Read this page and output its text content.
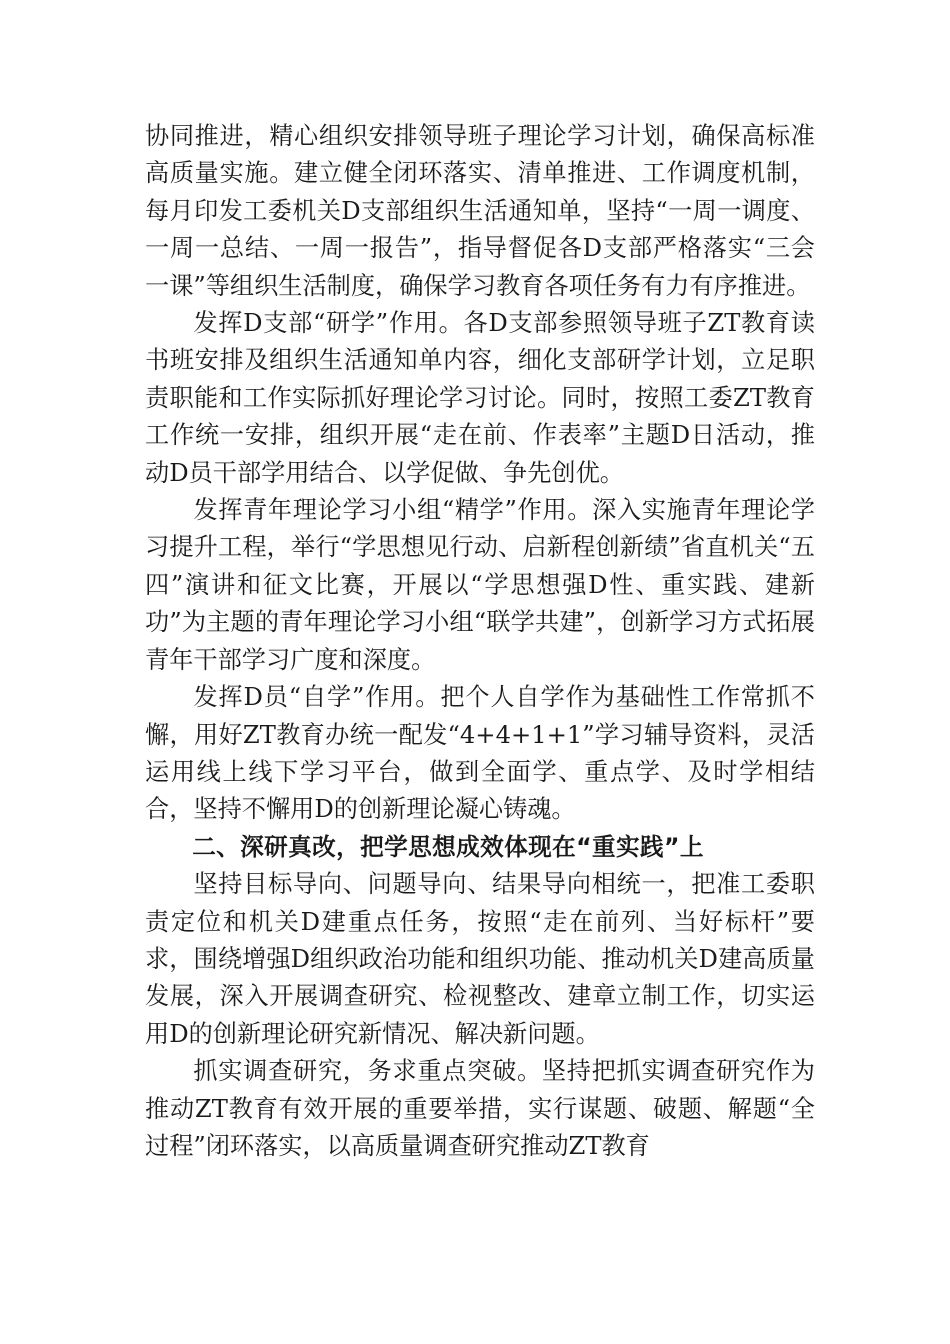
协同推进，精心组织安排领导班子理论学习计划，确保高标准高质量实施。建立健全闭环落实、清单推进、工作调度机制，每月印发工委机关D支部组织生活通知单，坚持“一周一调度、一周一总结、一周一报告”，指导督促各D支部严格落实“三会一课”等组织生活制度，确保学习教育各项任务有力有序推进。

发挥D支部“研学”作用。各D支部参照领导班子ZT教育读书班安排及组织生活通知单内容，细化支部研学计划，立足职责职能和工作实际抓好理论学习讨论。同时，按照工委ZT教育工作统一安排，组织开展“走在前、作表率”主题D日活动，推动D员干部学用结合、以学促做、争先创优。

发挥青年理论学习小组“精学”作用。深入实施青年理论学习提升工程，举行“学思想见行动、启新程创新绩”省直机关“五四”演讲和征文比赛，开展以“学思想强D性、重实践、建新功”为主题的青年理论学习小组“联学共建”，创新学习方式拓展青年干部学习广度和深度。

发挥D员“自学”作用。把个人自学作为基础性工作常抓不懈，用好ZT教育办统一配发“4+4+1+1”学习辅导资料，灵活运用线上线下学习平台，做到全面学、重点学、及时学相结合，坚持不懈用D的创新理论凝心铸魂。

二、深研真改，把学思想成效体现在“重实践”上

坚持目标导向、问题导向、结果导向相统一，把准工委职责定位和机关D建重点任务，按照“走在前列、当好标杆”要求，围绕增强D组织政治功能和组织功能、推动机关D建高质量发展，深入开展调查研究、检视整改、建章立制工作，切实运用D的创新理论研究新情况、解决新问题。

抓实调查研究，务求重点突破。坚持把抓实调查研究作为推动ZT教育有效开展的重要举措，实行谋题、破题、解题“全过程”闭环落实，以高质量调查研究推动ZT教育
